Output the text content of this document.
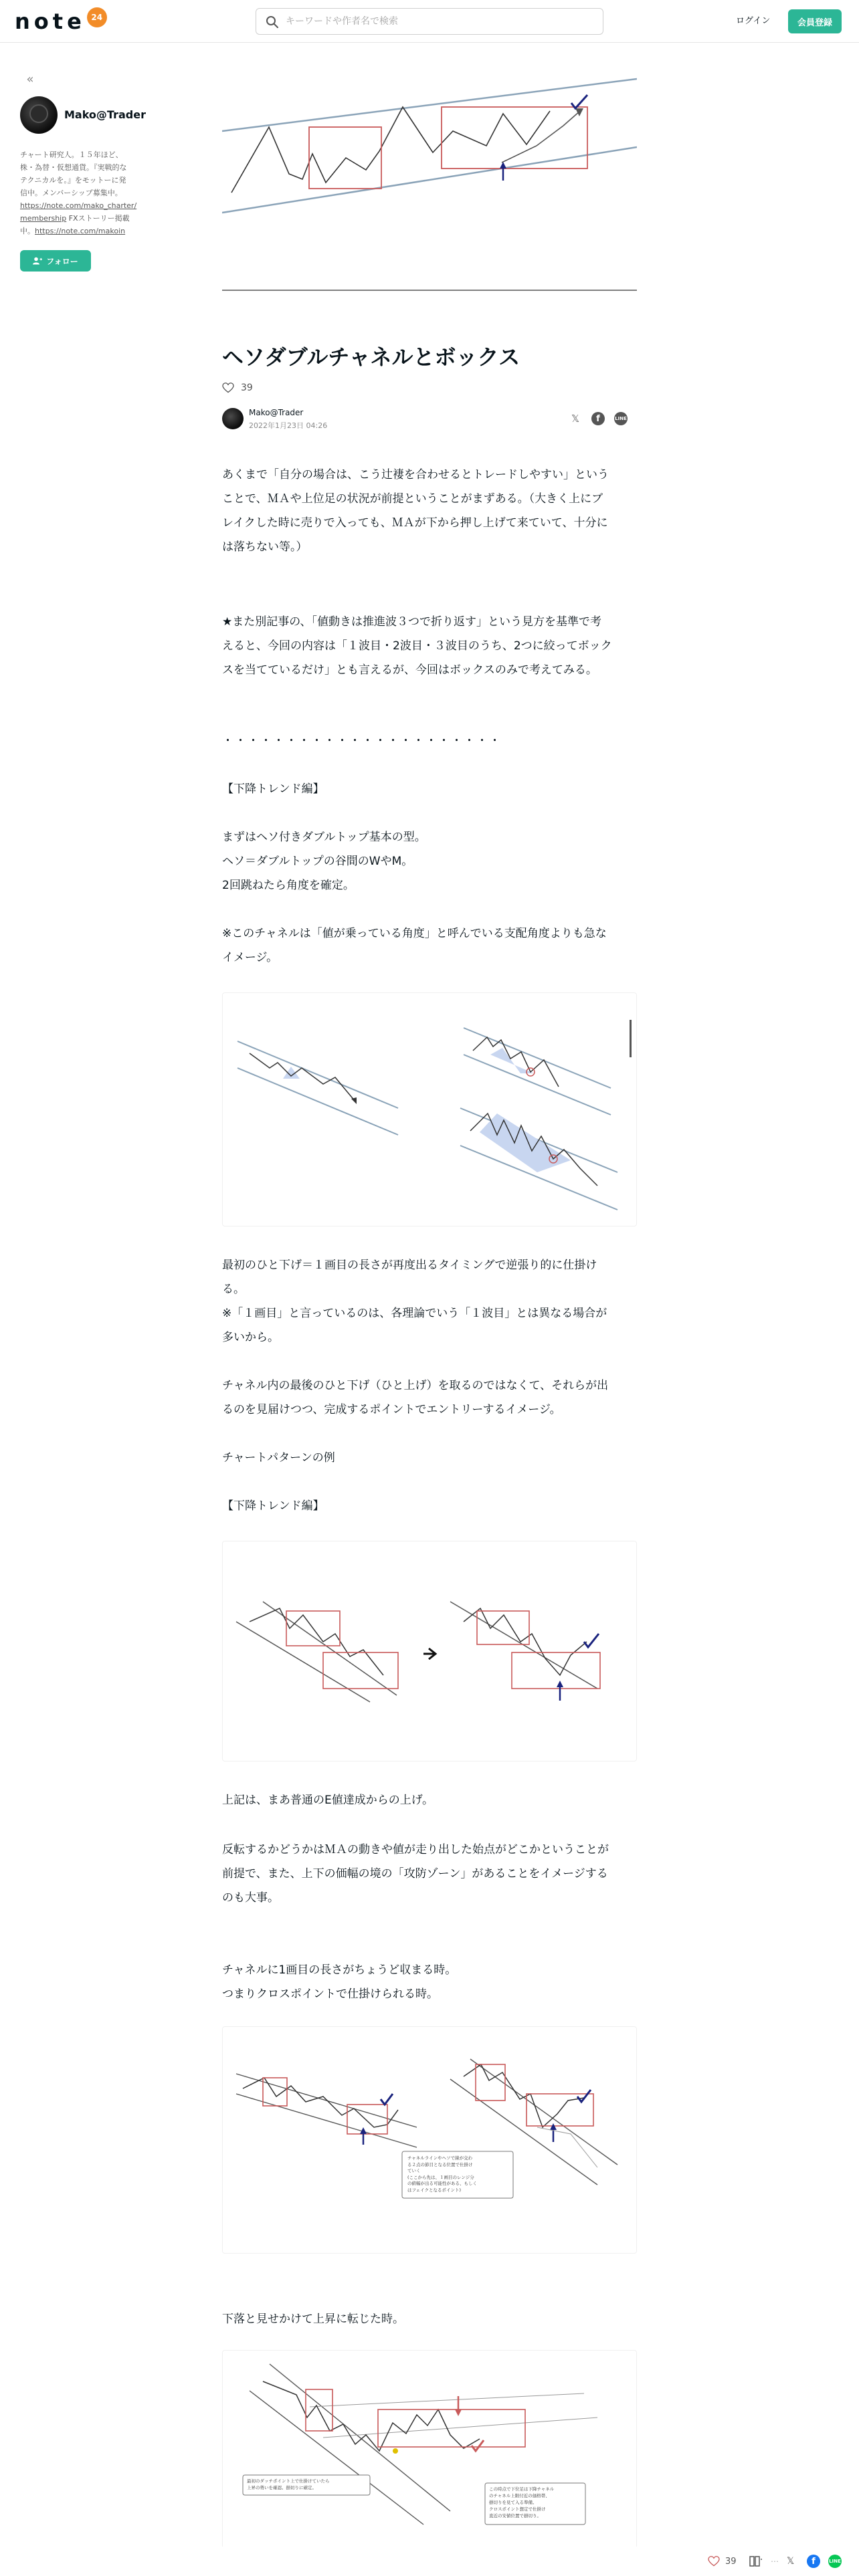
note 24
キーワードや作者名で検索	ログイン	会員登録
«
Mako@Trader
チャート研究人。１５年ほど、
株・為替・仮想通貨。『実戦的な
テクニカルを。』をモットーに発
信中。メンバーシップ募集中。
https://note.com/mako_charter/
membership FXストーリー掲載
中。https://note.com/makoin
フォロー
ヘソダブルチャネルとボックス
39
Mako@Trader
2022年1月23日 04:26
𝕏	f	LINE
あくまで「自分の場合は、こう辻褄を合わせるとトレードしやすい」という
ことで、ＭＡや上位足の状況が前提ということがまずある。（大きく上にブ
レイクした時に売りで入っても、ＭＡが下から押し上げて来ていて、十分に
は落ちない等。）
★また別記事の、「値動きは推進波３つで折り返す」という見方を基準で考
えると、今回の内容は「１波目・2波目・３波目のうち、2つに絞ってボック
スを当てているだけ」とも言えるが、今回はボックスのみで考えてみる。
・・・・・・・・・・・・・・・・・・・・・・
【下降トレンド編】
まずはヘソ付きダブルトップ基本の型。
ヘソ＝ダブルトップの谷間のWやM。
2回跳ねたら角度を確定。
※このチャネルは「値が乗っている角度」と呼んでいる支配角度よりも急な
イメージ。
最初のひと下げ＝１画目の長さが再度出るタイミングで逆張り的に仕掛け
る。
※「１画目」と言っているのは、各理論でいう「１波目」とは異なる場合が
多いから。
チャネル内の最後のひと下げ（ひと上げ）を取るのではなくて、それらが出
るのを見届けつつ、完成するポイントでエントリーするイメージ。
チャートパターンの例
【下降トレンド編】
上記は、まあ普通のE値達成からの上げ。
反転するかどうかはＭＡの動きや値が走り出した始点がどこかということが
前提で、また、上下の価幅の境の「攻防ゾーン」があることをイメージする
のも大事。
チャネルに1画目の長さがちょうど収まる時。
つまりクロスポイントで仕掛けられる時。
チャネルラインやヘソで線が交わ
る２点の節目となる位置で仕掛け
ていく
(ここから先は、１画目のレンジ分
の値幅が出る可能性がある、もしく
はフェイクとなるポイント)
下落と見せかけて上昇に転じた時。
最初のダッチポイント上で仕掛けていたら
上昇の勢いを確認。損切りに確定。	この時点で下位足は下降チャネル
のチャネル上限付近の価格帯、
損切りを見て入る準備。
クロスポイント想定で仕掛け
直近の安値位置で損切り。
39	⋯ 𝕏	f	LINE
